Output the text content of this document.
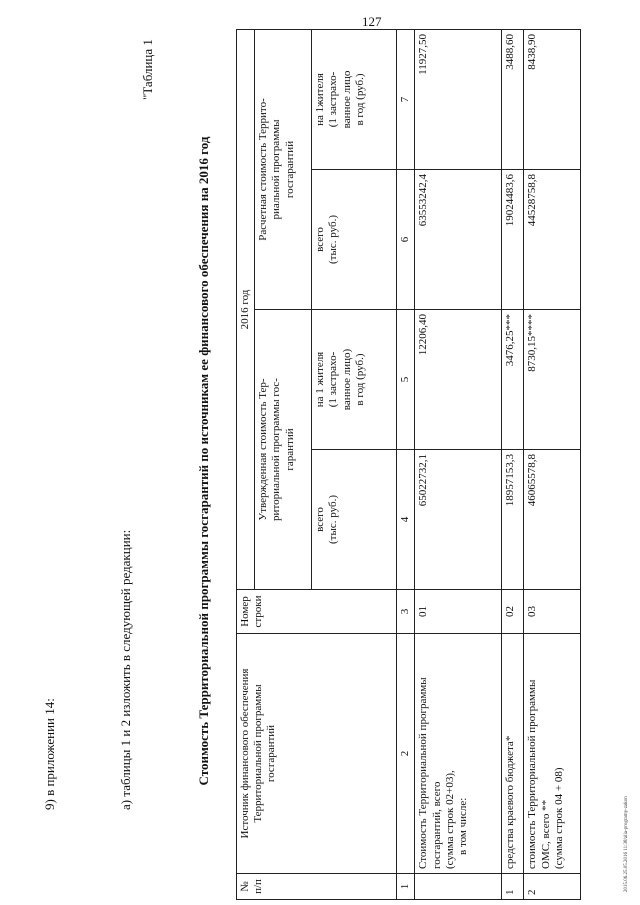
127
2015.06.25.05.2016 11:38/alia-programy-zakon
9) в приложении 14:	а) таблицы 1 и 2 изложить в следующей редакции:
"Таблица 1
Стоимость Территориальной программы госгарантий по источникам ее финансового обеспечения на 2016 год
№ п/п	Источник финансового обеспечения Территориальной программы госгарантий	Номер строки	2016 год			

			Утвержденная стоимость Тер- риториальной программы гос- гарантий		Расчетная стоимость Террито- риальной программы госгарантий	

			всего (тыс. руб.)	на 1 жителя (1 застрахо- ванное лицо) в год (руб.)	всего (тыс. руб.)	на 1жителя (1 застрахо- ванное лицо в год (руб.)

1	2	3	4	5	6	7

	Стоимость Территориальной программы госгарантий, всего (сумма строк 02+03), в том числе:	01	65022732,1	12206,40	63553242,4	11927,50
1	средства краевого бюджета*	02	18957153,3	3476,25***	19024483,6	3488,60
2	стоимость Территориальной программы ОМС, всего ** (сумма строк 04 + 08)	03	46065578,8	8730,15****	44528758,8	8438,90
